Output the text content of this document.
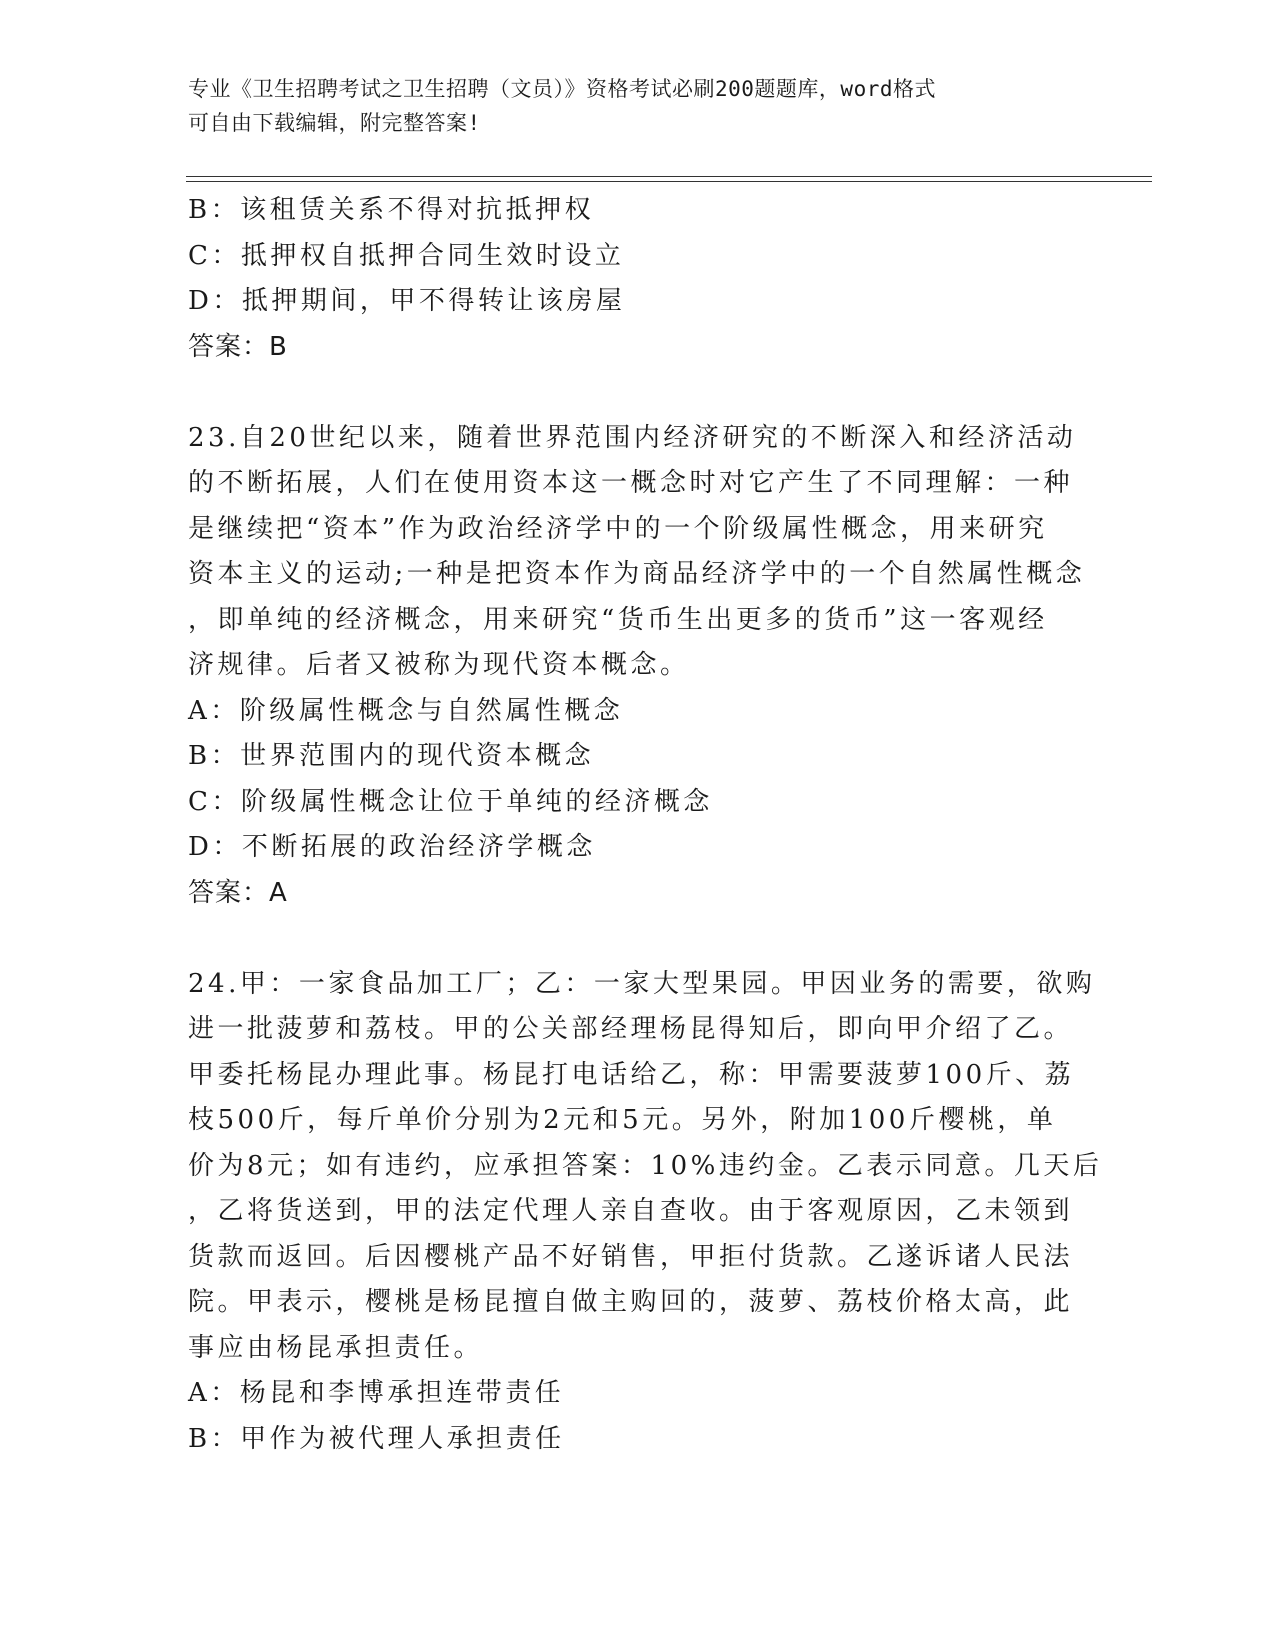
专业《卫生招聘考试之卫生招聘（文员）》资格考试必刷200题题库，word格式
可自由下载编辑，附完整答案!
B：该租赁关系不得对抗抵押权
C：抵押权自抵押合同生效时设立
D：抵押期间，甲不得转让该房屋
答案：B
23.自20世纪以来，随着世界范围内经济研究的不断深入和经济活动
的不断拓展，人们在使用资本这一概念时对它产生了不同理解：一种
是继续把“资本”作为政治经济学中的一个阶级属性概念，用来研究
资本主义的运动;一种是把资本作为商品经济学中的一个自然属性概念
，即单纯的经济概念，用来研究“货币生出更多的货币”这一客观经
济规律。后者又被称为现代资本概念。
A：阶级属性概念与自然属性概念
B：世界范围内的现代资本概念
C：阶级属性概念让位于单纯的经济概念
D：不断拓展的政治经济学概念
答案：A
24.甲：一家食品加工厂；乙：一家大型果园。甲因业务的需要，欲购
进一批菠萝和荔枝。甲的公关部经理杨昆得知后，即向甲介绍了乙。
甲委托杨昆办理此事。杨昆打电话给乙，称：甲需要菠萝100斤、荔
枝500斤，每斤单价分别为2元和5元。另外，附加100斤樱桃，单
价为8元；如有违约，应承担答案：10%违约金。乙表示同意。几天后
，乙将货送到，甲的法定代理人亲自查收。由于客观原因，乙未领到
货款而返回。后因樱桃产品不好销售，甲拒付货款。乙遂诉诸人民法
院。甲表示，樱桃是杨昆擅自做主购回的，菠萝、荔枝价格太高，此
事应由杨昆承担责任。
A：杨昆和李博承担连带责任
B：甲作为被代理人承担责任
